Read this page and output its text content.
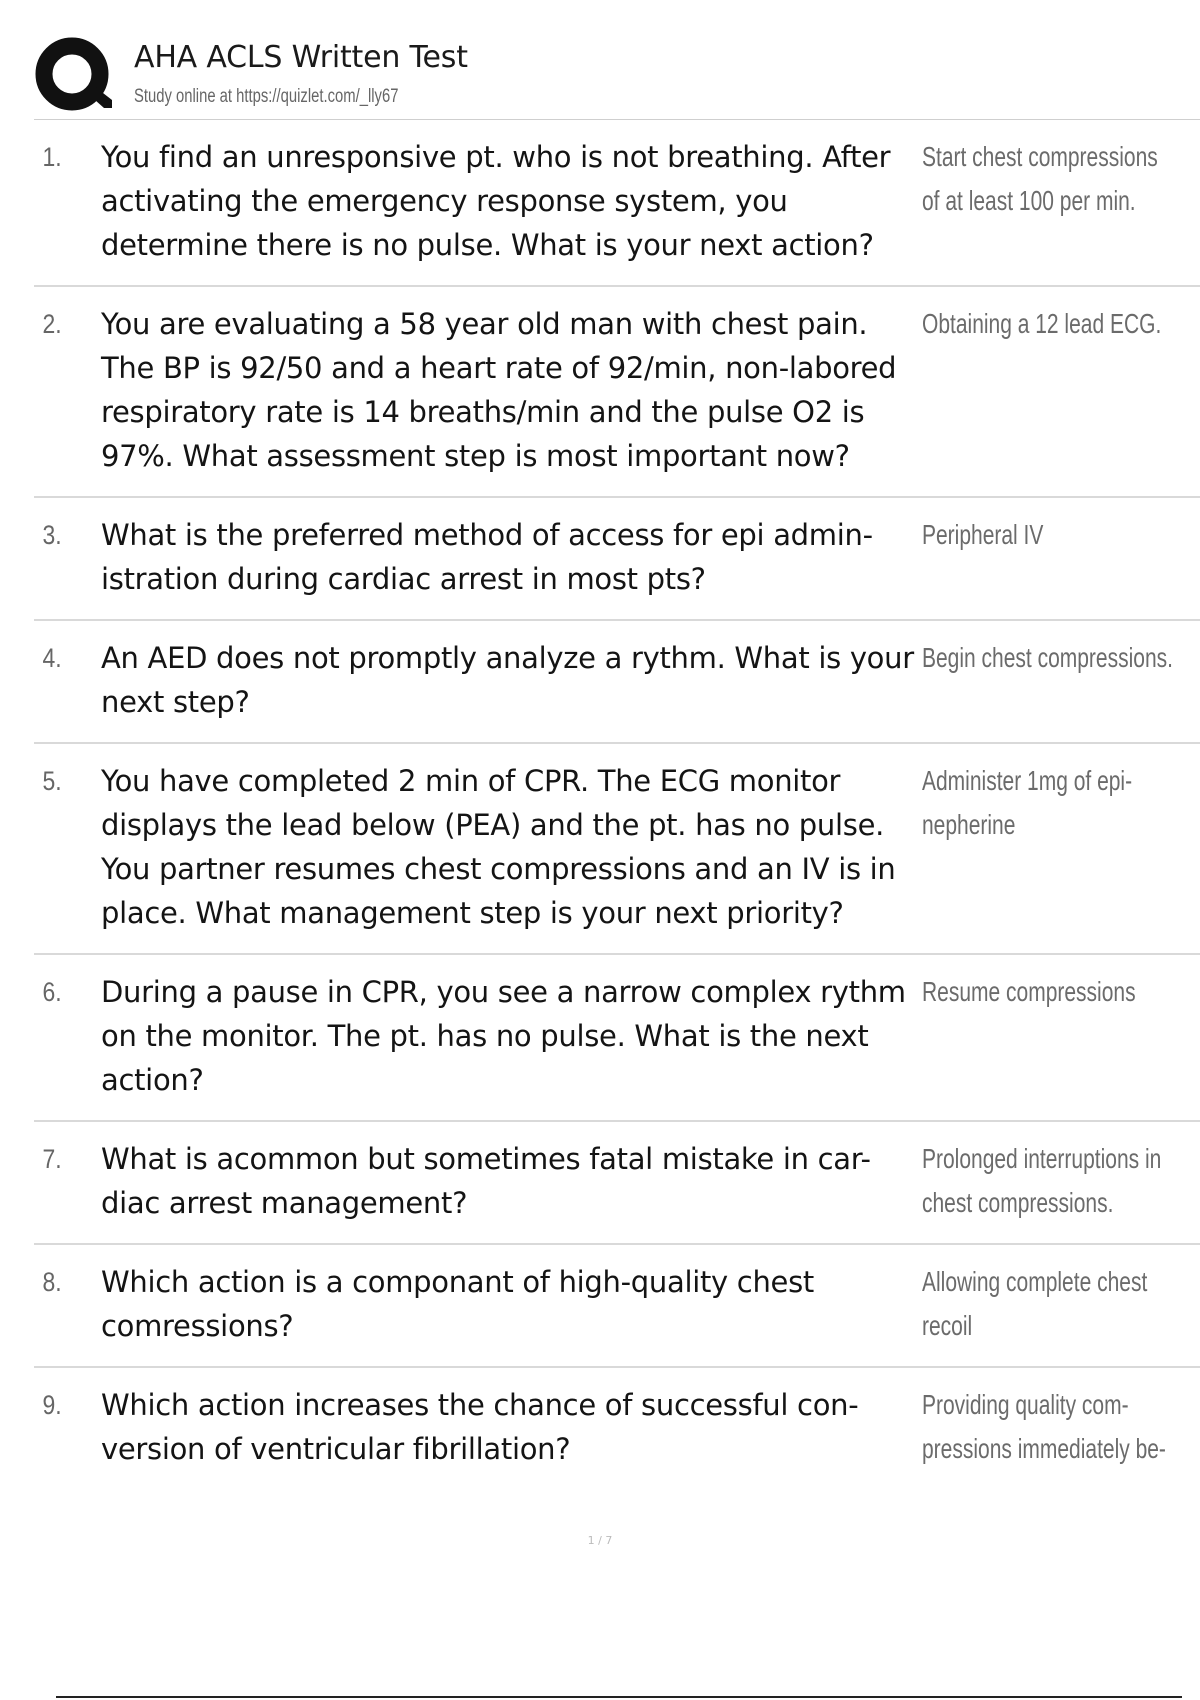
AHA ACLS Written Test
Study online at https://quizlet.com/_lly67
1.	You find an unresponsive pt. who is not breathing. After activating the emergency response system, you determine there is no pulse. What is your next action?
Start chest compressions
of at least 100 per min.
2.	You are evaluating a 58 year old man with chest pain. The BP is 92/50 and a heart rate of 92/min, non-labored respiratory rate is 14 breaths/min and the pulse O2 is 97%. What assessment step is most important now?
Obtaining a 12 lead ECG.
3.	What is the preferred method of access for epi admin-istration during cardiac arrest in most pts?
Peripheral IV
4.	An AED does not promptly analyze a rythm. What is your next step?
Begin chest compressions.
5.	You have completed 2 min of CPR. The ECG monitor displays the lead below (PEA) and the pt. has no pulse. You partner resumes chest compressions and an IV is in place. What management step is your next priority?
Administer 1mg of epi-
nepherine
6.	During a pause in CPR, you see a narrow complex rythm on the monitor. The pt. has no pulse. What is the next action?
Resume compressions
7.	What is acommon but sometimes fatal mistake in car-diac arrest management?
Prolonged interruptions in
chest compressions.
8.	Which action is a componant of high-quality chest comressions?
Allowing complete chest
recoil
9.	Which action increases the chance of successful con-version of ventricular fibrillation?
Providing quality com-
pressions immediately be-
1 / 7
